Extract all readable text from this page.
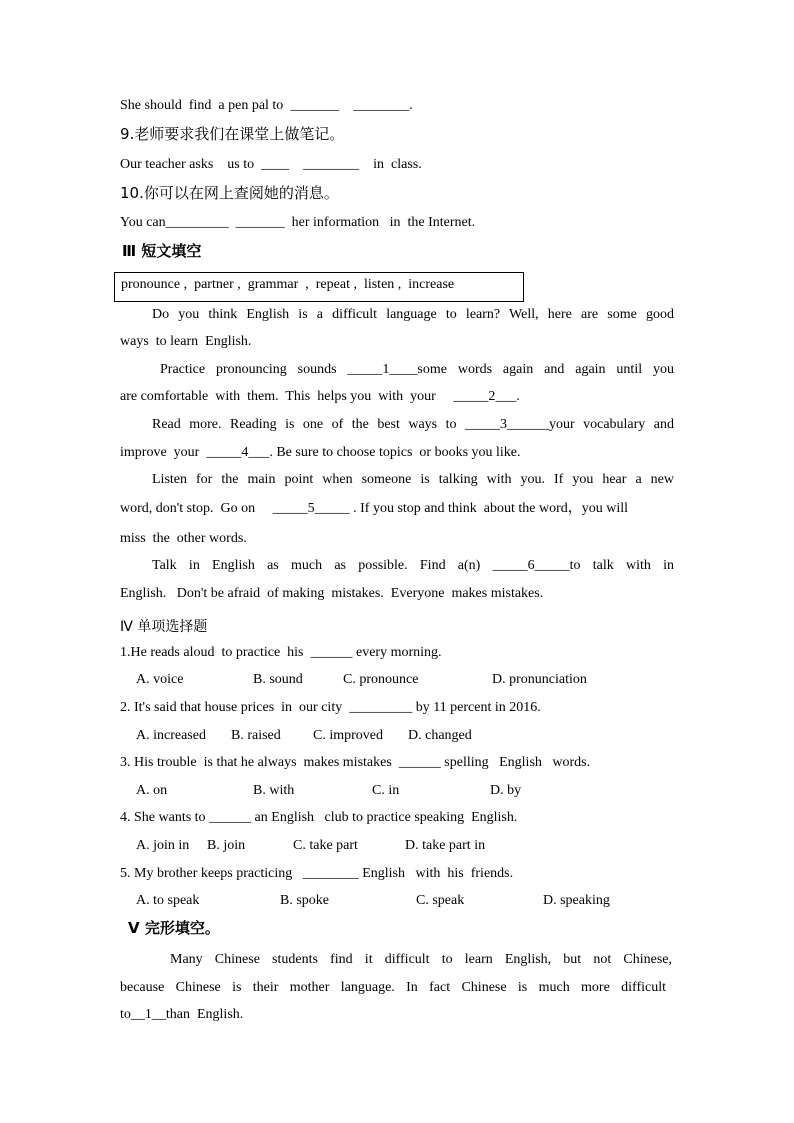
She should  find  a pen pal to  _______    ________.
9.老师要求我们在课堂上做笔记。
Our teacher asks    us to  ____    ________    in  class.
10.你可以在网上查阅她的消息。
You can_________  _______  her information   in  the Internet.
Ⅲ 短文填空
pronounce ,  partner ,  grammar  ,  repeat ,  listen ,  increase
Do you think English is a difficult language to learn? Well, here are some good
ways  to learn  English.
Practice pronouncing sounds _____1____some words again and again until you
are comfortable  with  them.  This  helps you  with  your     _____2___.
Read more. Reading is one of the best ways to _____3______your vocabulary and
improve  your  _____4___. Be sure to choose topics  or books you like.
Listen for the main point when someone is talking with you. If you hear a new
word, don't stop.  Go on     _____5_____ . If you stop and think  about the word，you will
miss  the  other words.
Talk in English as much as possible. Find a(n) _____6_____to talk with in
English.   Don't be afraid  of making  mistakes.  Everyone  makes mistakes.
Ⅳ 单项选择题
1.He reads aloud  to practice  his  ______ every morning.
A. voice	B. sound	C. pronounce	D. pronunciation
2. It's said that house prices  in  our city  _________ by 11 percent in 2016.
A. increased B. raised C. improved D. changed
3. His trouble  is that he always  makes mistakes  ______ spelling   English   words.
A. on	B. with	C. in	D. by
4. She wants to ______ an English   club to practice speaking  English.
A. join in B. join	C. take part	D. take part in
5. My brother keeps practicing   ________ English   with  his  friends.
A. to speak	B. spoke	C. speak	D. speaking
Ⅴ 完形填空。
Many Chinese students find it difficult to learn English, but not Chinese,
because Chinese is their mother language. In fact Chinese is much more difficult
to__1__than  English.
